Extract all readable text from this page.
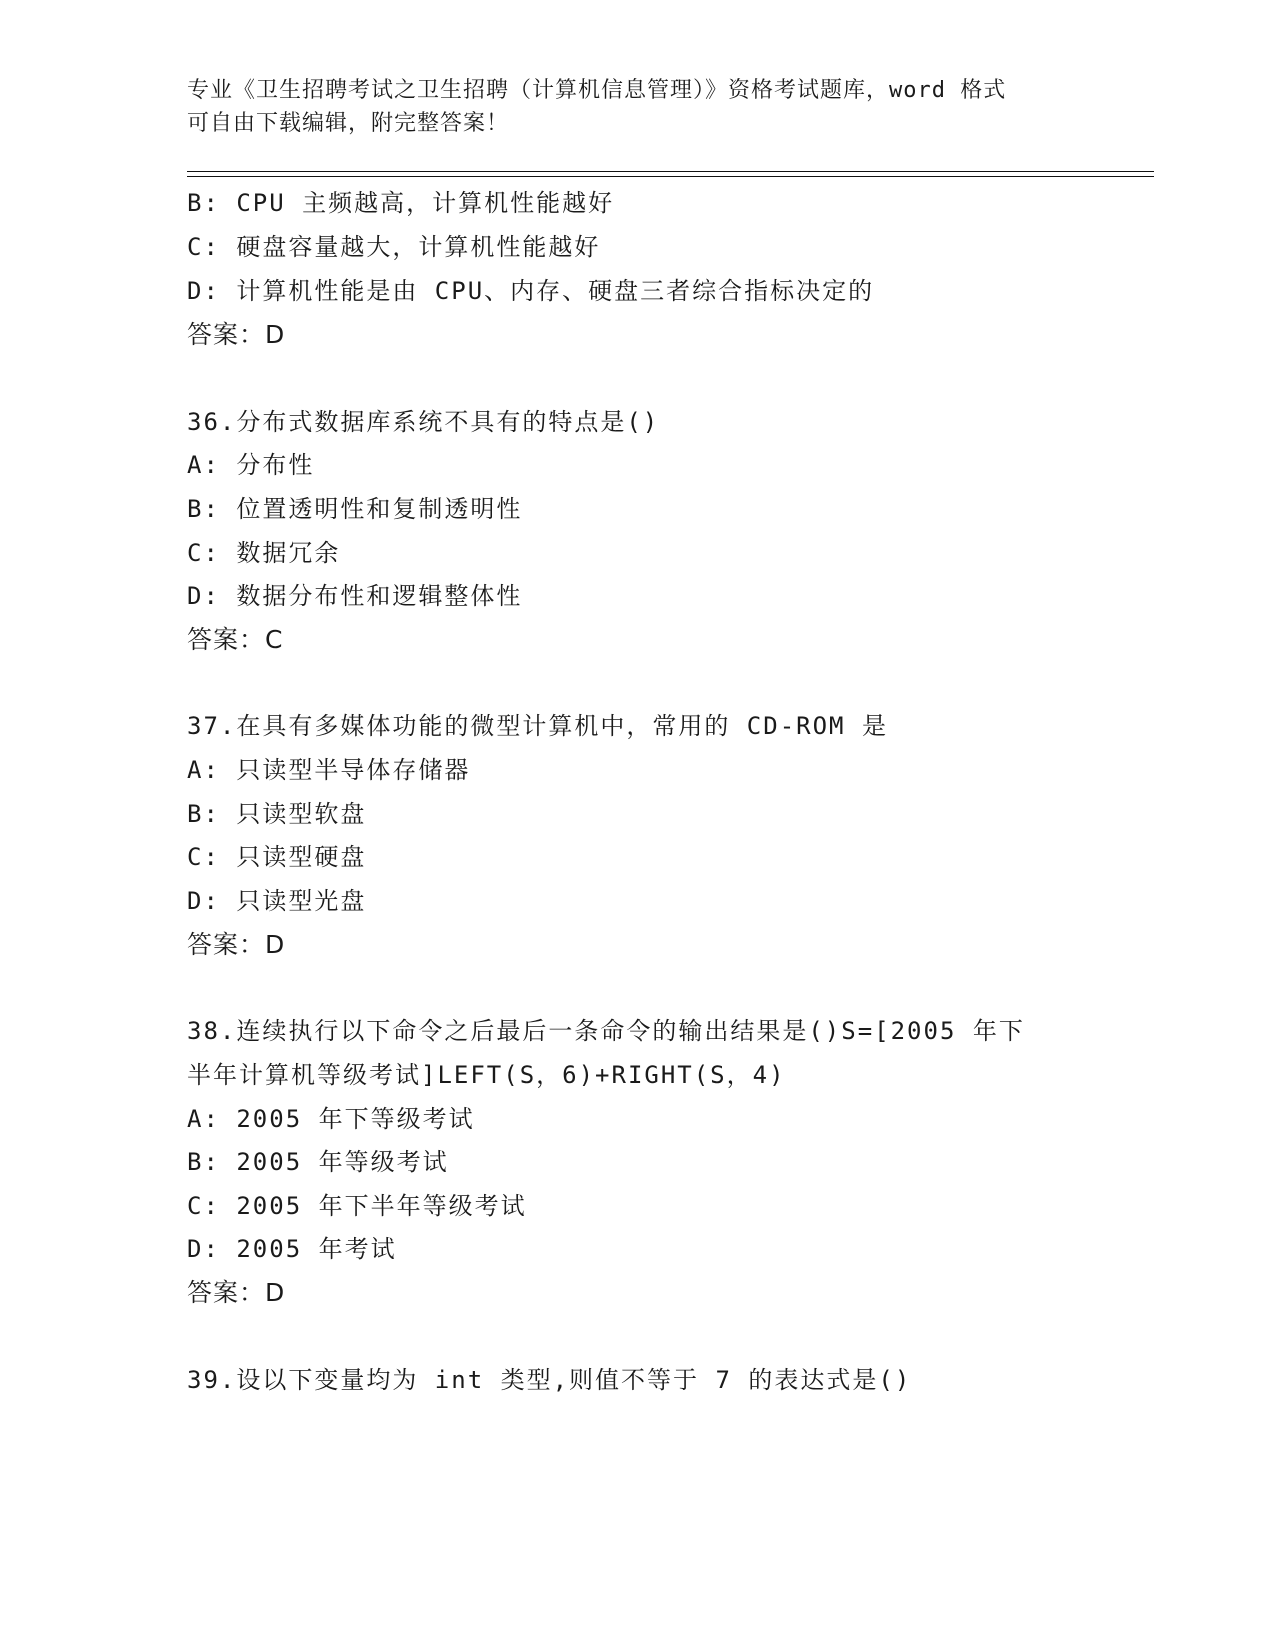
专业《卫生招聘考试之卫生招聘（计算机信息管理）》资格考试题库，word 格式
可自由下载编辑，附完整答案！
B: CPU 主频越高，计算机性能越好
C: 硬盘容量越大，计算机性能越好
D: 计算机性能是由 CPU、内存、硬盘三者综合指标决定的
答案：D
36.分布式数据库系统不具有的特点是()
A: 分布性
B: 位置透明性和复制透明性
C: 数据冗余
D: 数据分布性和逻辑整体性
答案：C
37.在具有多媒体功能的微型计算机中，常用的 CD-ROM 是
A: 只读型半导体存储器
B: 只读型软盘
C: 只读型硬盘
D: 只读型光盘
答案：D
38.连续执行以下命令之后最后一条命令的输出结果是()S=[2005 年下
半年计算机等级考试]LEFT(S，6)+RIGHT(S，4)
A: 2005 年下等级考试
B: 2005 年等级考试
C: 2005 年下半年等级考试
D: 2005 年考试
答案：D
39.设以下变量均为 int 类型,则值不等于 7 的表达式是()
